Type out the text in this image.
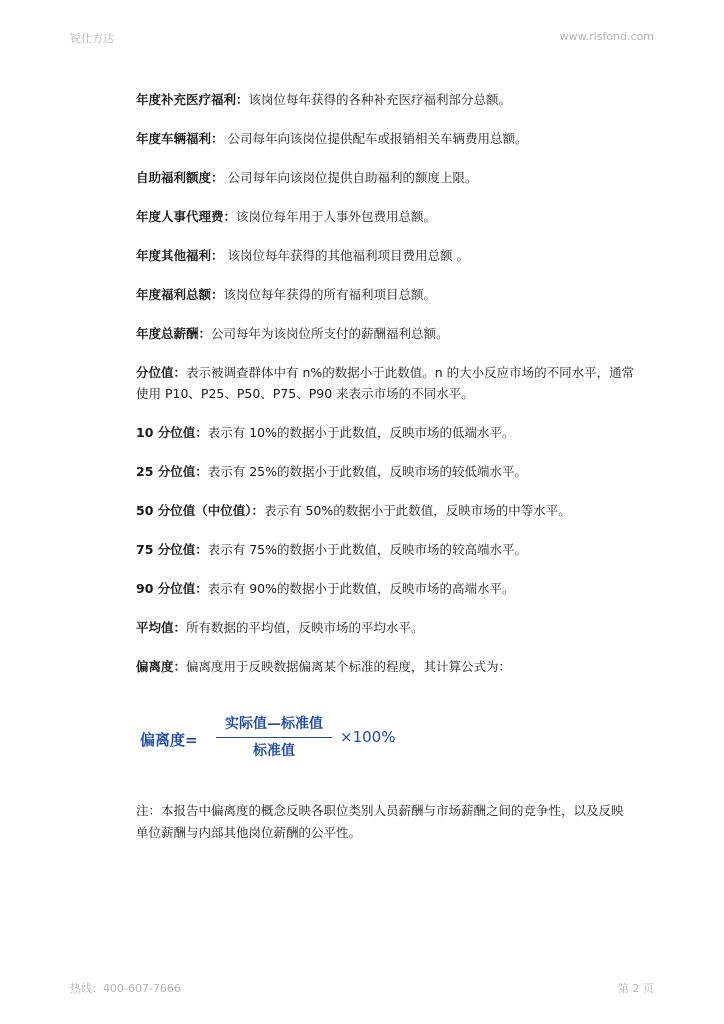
锐仕方达	www.risfond.com

年度补充医疗福利：该岗位每年获得的各种补充医疗福利部分总额。

年度车辆福利： 公司每年向该岗位提供配车或报销相关车辆费用总额。

自助福利额度： 公司每年向该岗位提供自助福利的额度上限。

年度人事代理费：该岗位每年用于人事外包费用总额。

年度其他福利： 该岗位每年获得的其他福利项目费用总额 。

年度福利总额：该岗位每年获得的所有福利项目总额。

年度总薪酬：公司每年为该岗位所支付的薪酬福利总额。

分位值：表示被调查群体中有 n%的数据小于此数值。n 的大小反应市场的不同水平，通常使用 P10、P25、P50、P75、P90 来表示市场的不同水平。

10 分位值：表示有 10%的数据小于此数值，反映市场的低端水平。

25 分位值：表示有 25%的数据小于此数值，反映市场的较低端水平。

50 分位值（中位值）：表示有 50%的数据小于此数值，反映市场的中等水平。

75 分位值：表示有 75%的数据小于此数值，反映市场的较高端水平。

90 分位值：表示有 90%的数据小于此数值，反映市场的高端水平。

平均值：所有数据的平均值，反映市场的平均水平。

偏离度：偏离度用于反映数据偏离某个标准的程度，其计算公式为：

偏离度=
实际值—标准值
标准值
×100%
注：本报告中偏离度的概念反映各职位类别人员薪酬与市场薪酬之间的竞争性，以及反映单位薪酬与内部其他岗位薪酬的公平性。
热线：400-607-7666	第 2 页
